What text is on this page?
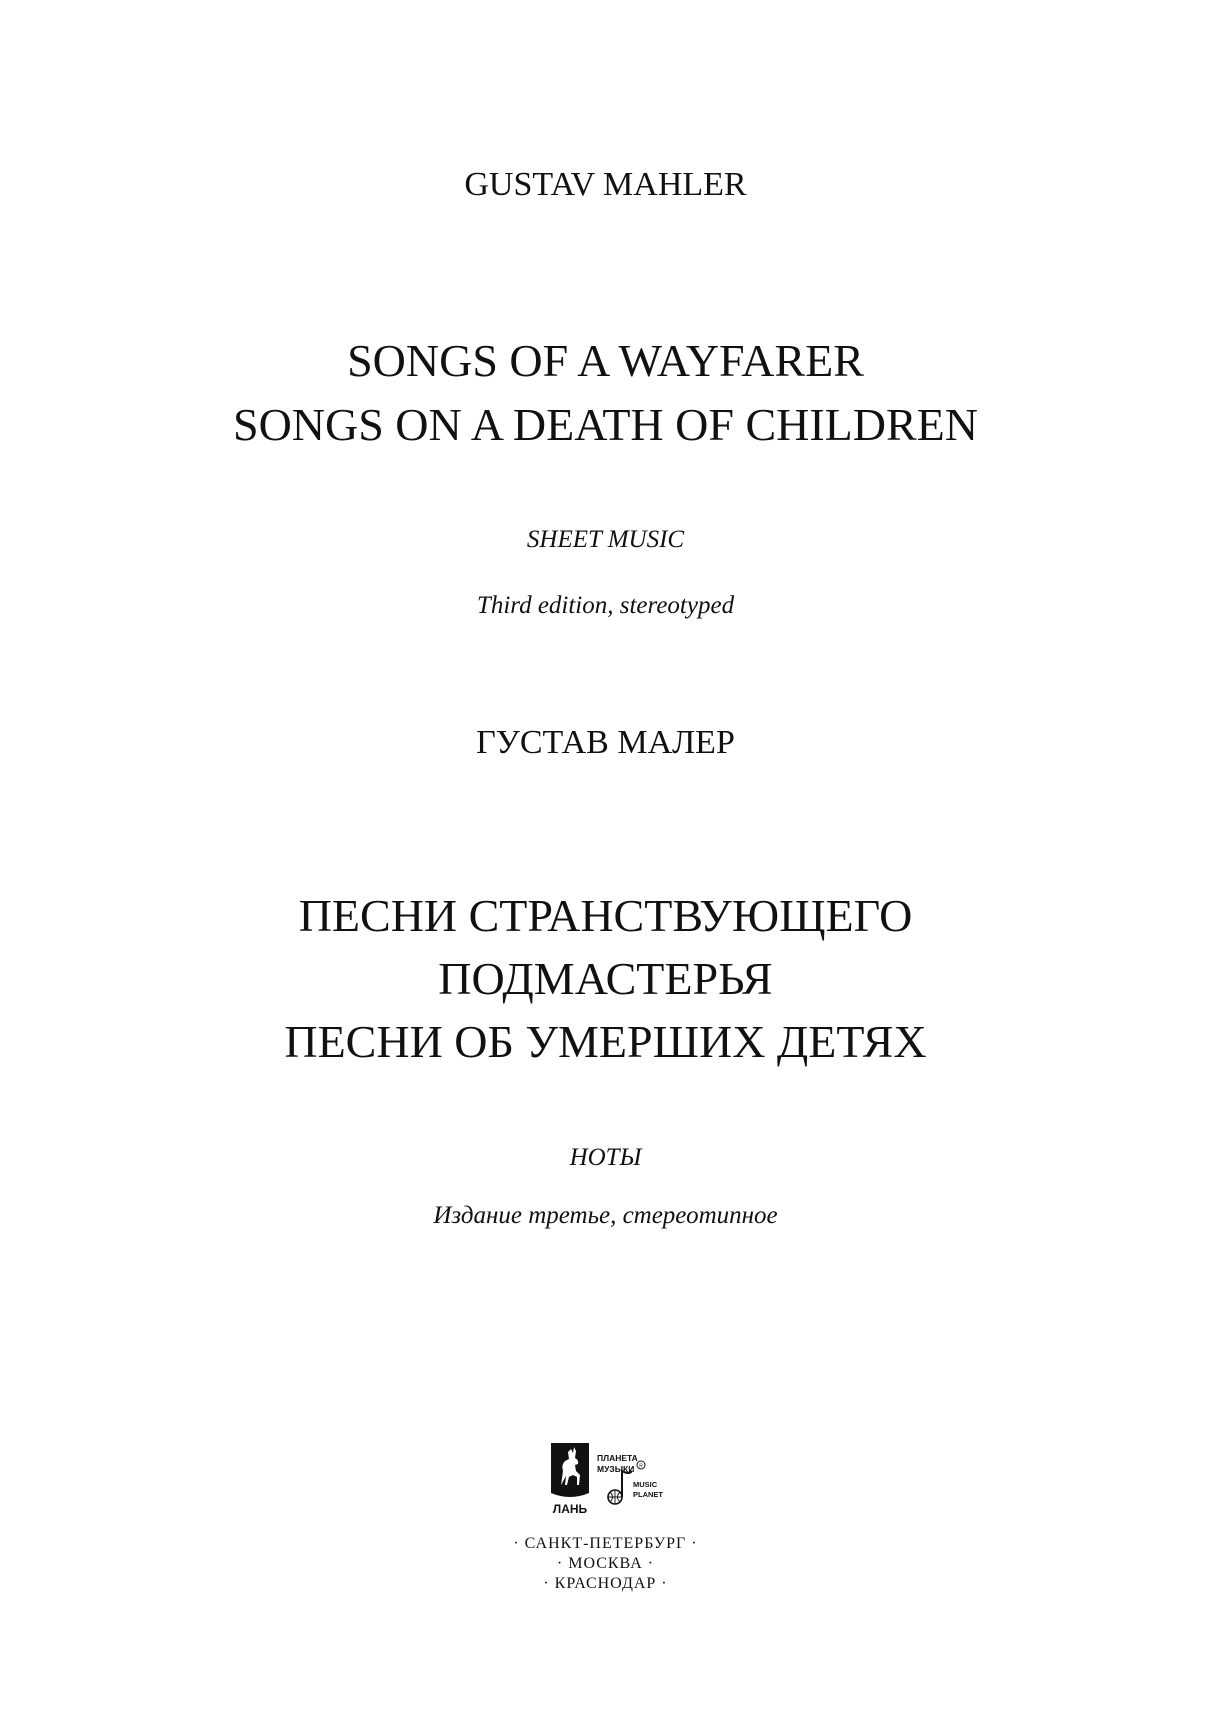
GUSTAV MAHLER
SONGS OF A WAYFARER
SONGS ON A DEATH OF CHILDREN
SHEET MUSIC
Third edition, stereotyped
ГУСТАВ МАЛЕР
ПЕСНИ СТРАНСТВУЮЩЕГО
ПОДМАСТЕРЬЯ
ПЕСНИ ОБ УМЕРШИХ ДЕТЯХ
НОТЫ
Издание третье, стереотипное
ЛАНЬ
R
ПЛАНЕТА
МУЗЫКИ
MUSIC
PLANET
· САНКТ-ПЕТЕРБУРГ ·
· МОСКВА ·
· КРАСНОДАР ·
